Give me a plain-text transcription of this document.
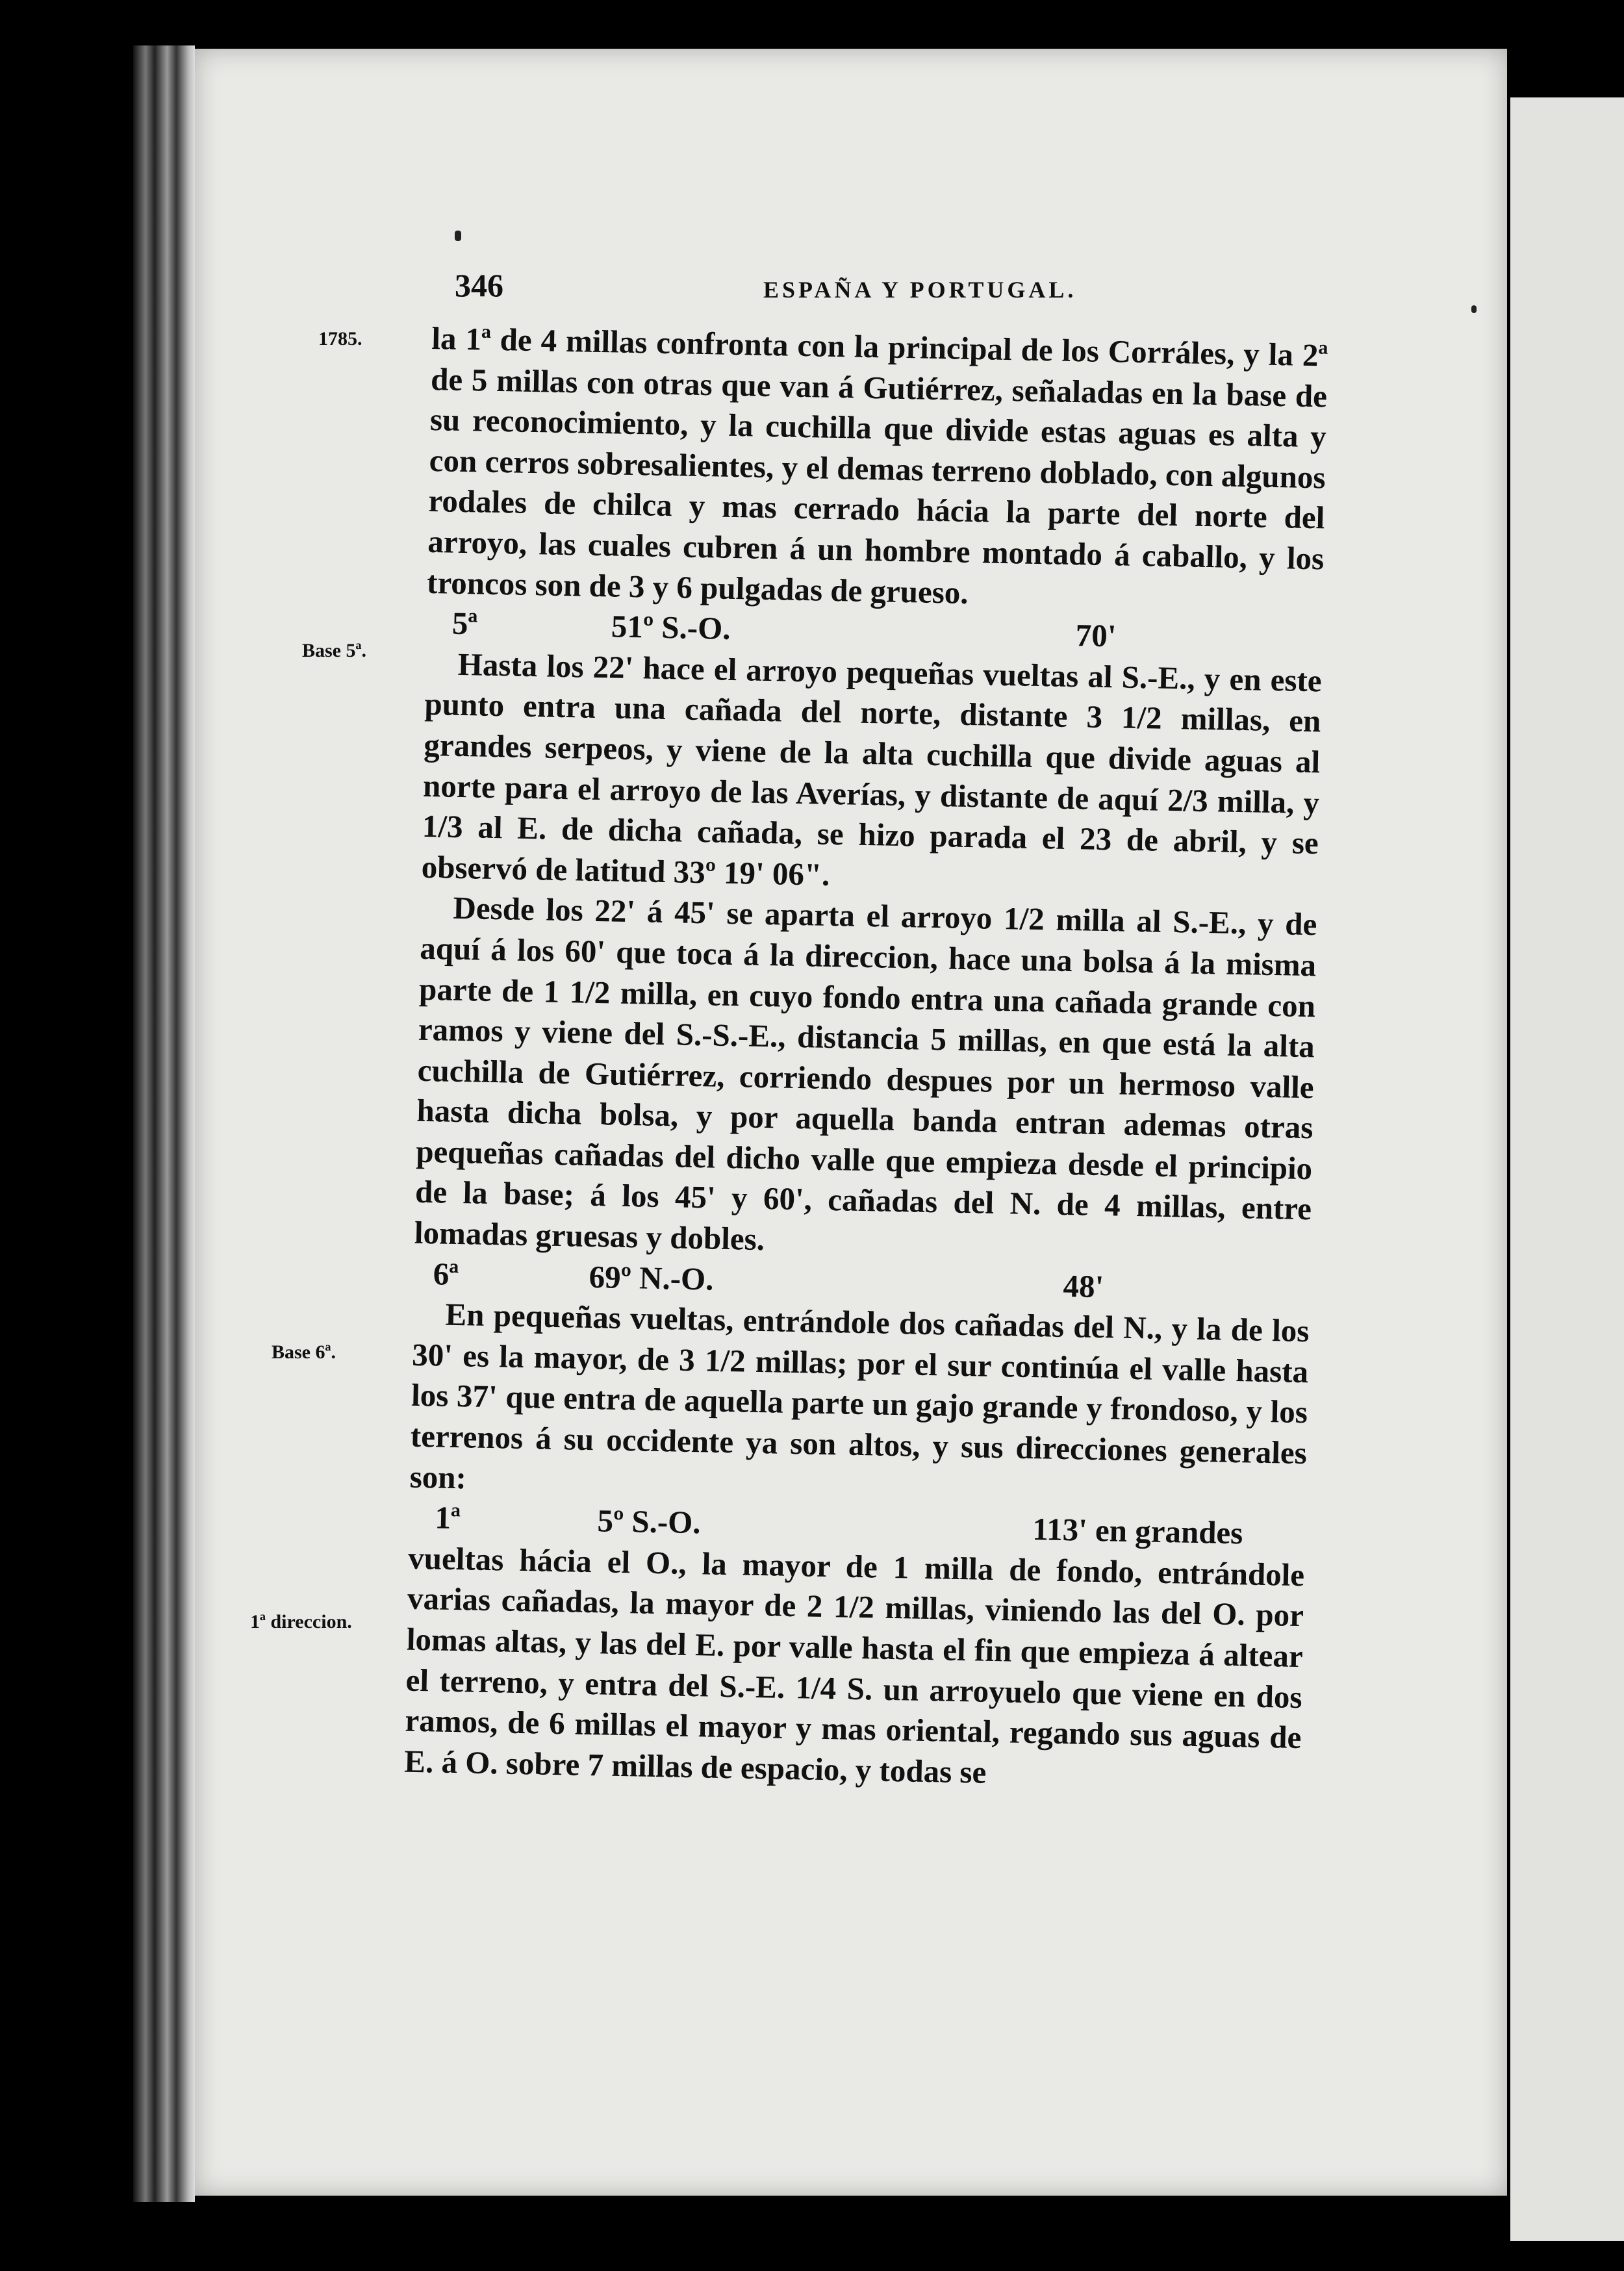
346	ESPAÑA Y PORTUGAL.
1785.
Base 5ª.
Base 6ª.
1ª direccion.

la 1ª de 4 millas confronta con la principal de los Corráles, y la 2ª de 5 millas con otras que van á Gutiérrez, señaladas en la base de su reconocimiento, y la cuchilla que divide estas aguas es alta y con cerros sobresalientes, y el demas terreno doblado, con algunos rodales de chilca y mas cerrado hácia la parte del norte del arroyo, las cuales cubren á un hombre montado á caballo, y los troncos son de 3 y 6 pulgadas de grueso.

5ª	51º S.-O.	70'

Hasta los 22' hace el arroyo pequeñas vueltas al S.-E., y en este punto entra una cañada del norte, distante 3 1/2 millas, en grandes serpeos, y viene de la alta cuchilla que divide aguas al norte para el arroyo de las Averías, y distante de aquí 2/3 milla, y 1/3 al E. de dicha cañada, se hizo parada el 23 de abril, y se observó de latitud 33º 19' 06".

Desde los 22' á 45' se aparta el arroyo 1/2 milla al S.-E., y de aquí á los 60' que toca á la direccion, hace una bolsa á la misma parte de 1 1/2 milla, en cuyo fondo entra una cañada grande con ramos y viene del S.-S.-E., distancia 5 millas, en que está la alta cuchilla de Gutiérrez, corriendo despues por un hermoso valle hasta dicha bolsa, y por aquella banda entran ademas otras pequeñas cañadas del dicho valle que empieza desde el principio de la base; á los 45' y 60', cañadas del N. de 4 millas, entre lomadas gruesas y dobles.

6ª	69º N.-O.	48'

En pequeñas vueltas, entrándole dos cañadas del N., y la de los 30' es la mayor, de 3 1/2 millas; por el sur continúa el valle hasta los 37' que entra de aquella parte un gajo grande y frondoso, y los terrenos á su occidente ya son altos, y sus direcciones generales son:

1ª	5º S.-O.	113' en grandes

vueltas hácia el O., la mayor de 1 milla de fondo, entrándole varias cañadas, la mayor de 2 1/2 millas, viniendo las del O. por lomas altas, y las del E. por valle hasta el fin que empieza á altear el terreno, y entra del S.-E. 1/4 S. un arroyuelo que viene en dos ramos, de 6 millas el mayor y mas oriental, regando sus aguas de E. á O. sobre 7 millas de espacio, y todas se
